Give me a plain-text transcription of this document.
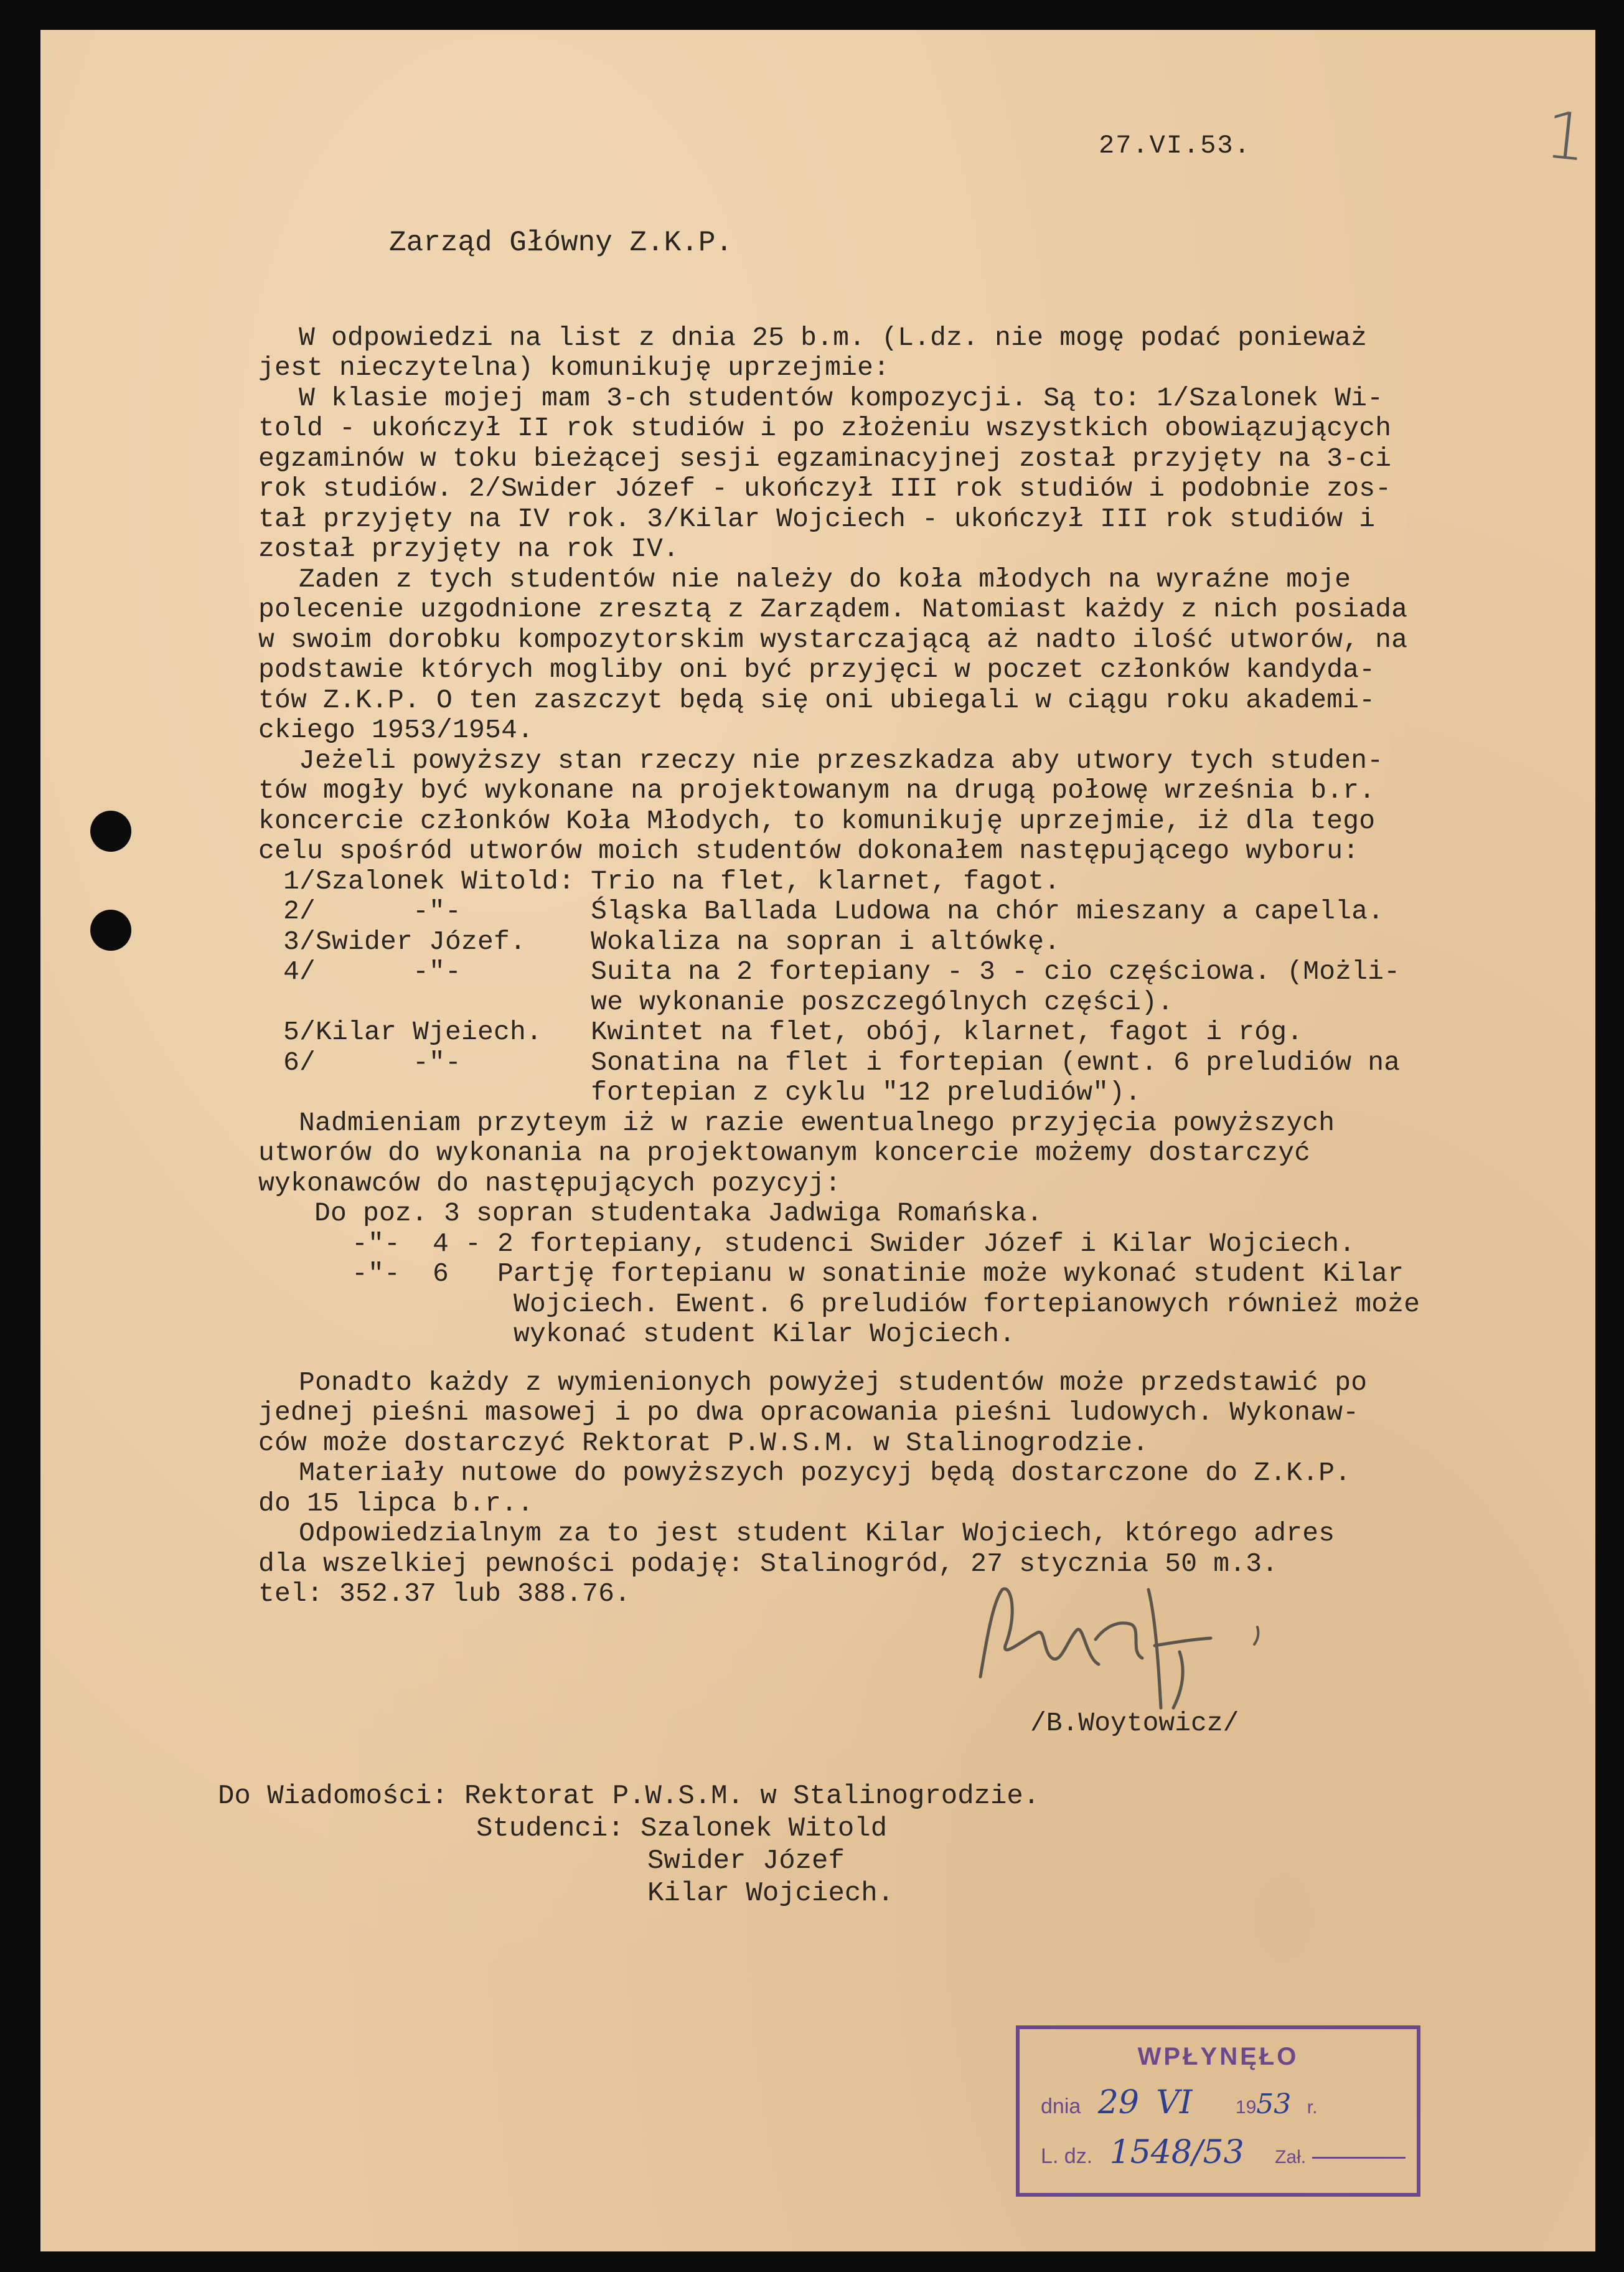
1
27.VI.53.
Zarząd Główny Z.K.P.
W odpowiedzi na list z dnia 25 b.m. (L.dz. nie mogę podać ponieważ
jest nieczytelna) komunikuję uprzejmie:
W klasie mojej mam 3-ch studentów kompozycji. Są to: 1/Szalonek Wi-
told - ukończył II rok studiów i po złożeniu wszystkich obowiązujących
egzaminów w toku bieżącej sesji egzaminacyjnej został przyjęty na 3-ci
rok studiów. 2/Swider Józef - ukończył III rok studiów i podobnie zos-
tał przyjęty na IV rok. 3/Kilar Wojciech - ukończył III rok studiów i
został przyjęty na rok IV.
Zaden z tych studentów nie należy do koła młodych na wyraźne moje
polecenie uzgodnione zresztą z Zarządem. Natomiast każdy z nich posiada
w swoim dorobku kompozytorskim wystarczającą aż nadto ilość utworów, na
podstawie których mogliby oni być przyjęci w poczet członków kandyda-
tów Z.K.P. O ten zaszczyt będą się oni ubiegali w ciągu roku akademi-
ckiego 1953/1954.
Jeżeli powyższy stan rzeczy nie przeszkadza aby utwory tych studen-
tów mogły być wykonane na projektowanym na drugą połowę września b.r.
koncercie członków Koła Młodych, to komunikuję uprzejmie, iż dla tego
celu spośród utworów moich studentów dokonałem następującego wyboru:
1/Szalonek Witold: Trio na flet, klarnet, fagot.
2/      -"-        Śląska Ballada Ludowa na chór mieszany a capella.
3/Swider Józef.    Wokaliza na sopran i altówkę.
4/      -"-        Suita na 2 fortepiany - 3 - cio częściowa. (Możli-
we wykonanie poszczególnych części).
5/Kilar Wjeiech.   Kwintet na flet, obój, klarnet, fagot i róg.
6/      -"-        Sonatina na flet i fortepian (ewnt. 6 preludiów na
fortepian z cyklu "12 preludiów").
Nadmieniam przyteym iż w razie ewentualnego przyjęcia powyższych
utworów do wykonania na projektowanym koncercie możemy dostarczyć
wykonawców do następujących pozycyj:
Do poz. 3 sopran studentaka Jadwiga Romańska.
-"-  4 - 2 fortepiany, studenci Swider Józef i Kilar Wojciech.
-"-  6   Partję fortepianu w sonatinie może wykonać student Kilar
Wojciech. Ewent. 6 preludiów fortepianowych również może
wykonać student Kilar Wojciech.
Ponadto każdy z wymienionych powyżej studentów może przedstawić po
jednej pieśni masowej i po dwa opracowania pieśni ludowych. Wykonaw-
ców może dostarczyć Rektorat P.W.S.M. w Stalinogrodzie.
Materiały nutowe do powyższych pozycyj będą dostarczone do Z.K.P.
do 15 lipca b.r..
Odpowiedzialnym za to jest student Kilar Wojciech, którego adres
dla wszelkiej pewności podaję: Stalinogród, 27 stycznia 50 m.3.
tel: 352.37 lub 388.76.
/B.Woytowicz/
Do Wiadomości: Rektorat P.W.S.M. w Stalinogrodzie.
Studenci: Szalonek Witold
Swider Józef
Kilar Wojciech.
WPŁYNĘŁO
dnia 29 VI 1953 r.
L. dz. 1548/53 Zał.
